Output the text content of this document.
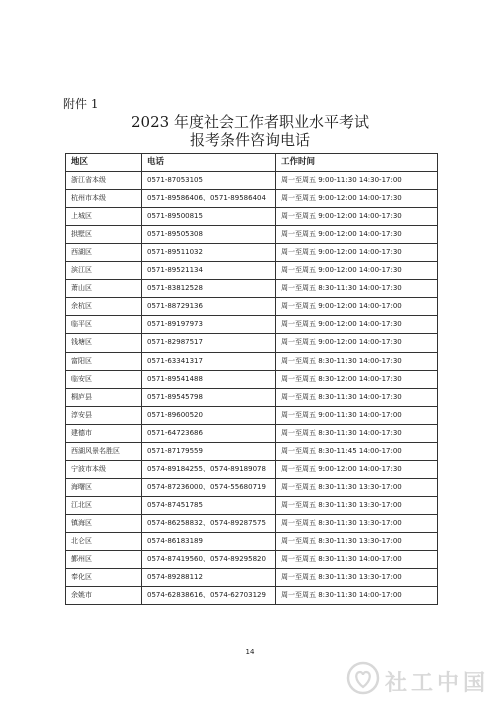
附件 1
2023 年度社会工作者职业水平考试
报考条件咨询电话
地区	电话	工作时间
浙江省本级	0571-87053105	周一至周五 9:00-11:30 14:30-17:00
杭州市本级	0571-89586406、0571-89586404	周一至周五 9:00-12:00 14:00-17:30
上城区	0571-89500815	周一至周五 9:00-12:00 14:00-17:30
拱墅区	0571-89505308	周一至周五 9:00-12:00 14:00-17:30
西湖区	0571-89511032	周一至周五 9:00-12:00 14:00-17:30
滨江区	0571-89521134	周一至周五 9:00-12:00 14:00-17:30
萧山区	0571-83812528	周一至周五 8:30-11:30 14:00-17:30
余杭区	0571-88729136	周一至周五 9:00-12:00 14:00-17:00
临平区	0571-89197973	周一至周五 9:00-12:00 14:00-17:30
钱塘区	0571-82987517	周一至周五 9:00-12:00 14:00-17:30
富阳区	0571-63341317	周一至周五 8:30-11:30 14:00-17:30
临安区	0571-89541488	周一至周五 8:30-12:00 14:00-17:30
桐庐县	0571-89545798	周一至周五 8:30-11:30 14:00-17:30
淳安县	0571-89600520	周一至周五 9:00-11:30 14:00-17:00
建德市	0571-64723686	周一至周五 8:30-11:30 14:00-17:30
西湖风景名胜区	0571-87179559	周一至周五 8:30-11:45 14:00-17:00
宁波市本级	0574-89184255、0574-89189078	周一至周五 9:00-12:00 14:00-17:30
海曙区	0574-87236000、0574-55680719	周一至周五 8:30-11:30 13:30-17:00
江北区	0574-87451785	周一至周五 8:30-11:30 13:30-17:00
镇海区	0574-86258832、0574-89287575	周一至周五 8:30-11:30 13:30-17:00
北仑区	0574-86183189	周一至周五 8:30-11:30 13:30-17:00
鄞州区	0574-87419560、0574-89295820	周一至周五 8:30-11:30 14:00-17:00
奉化区	0574-89288112	周一至周五 8:30-11:30 13:30-17:00
余姚市	0574-62838616、0574-62703129	周一至周五 8:30-11:30 14:00-17:00
14
社工中国
